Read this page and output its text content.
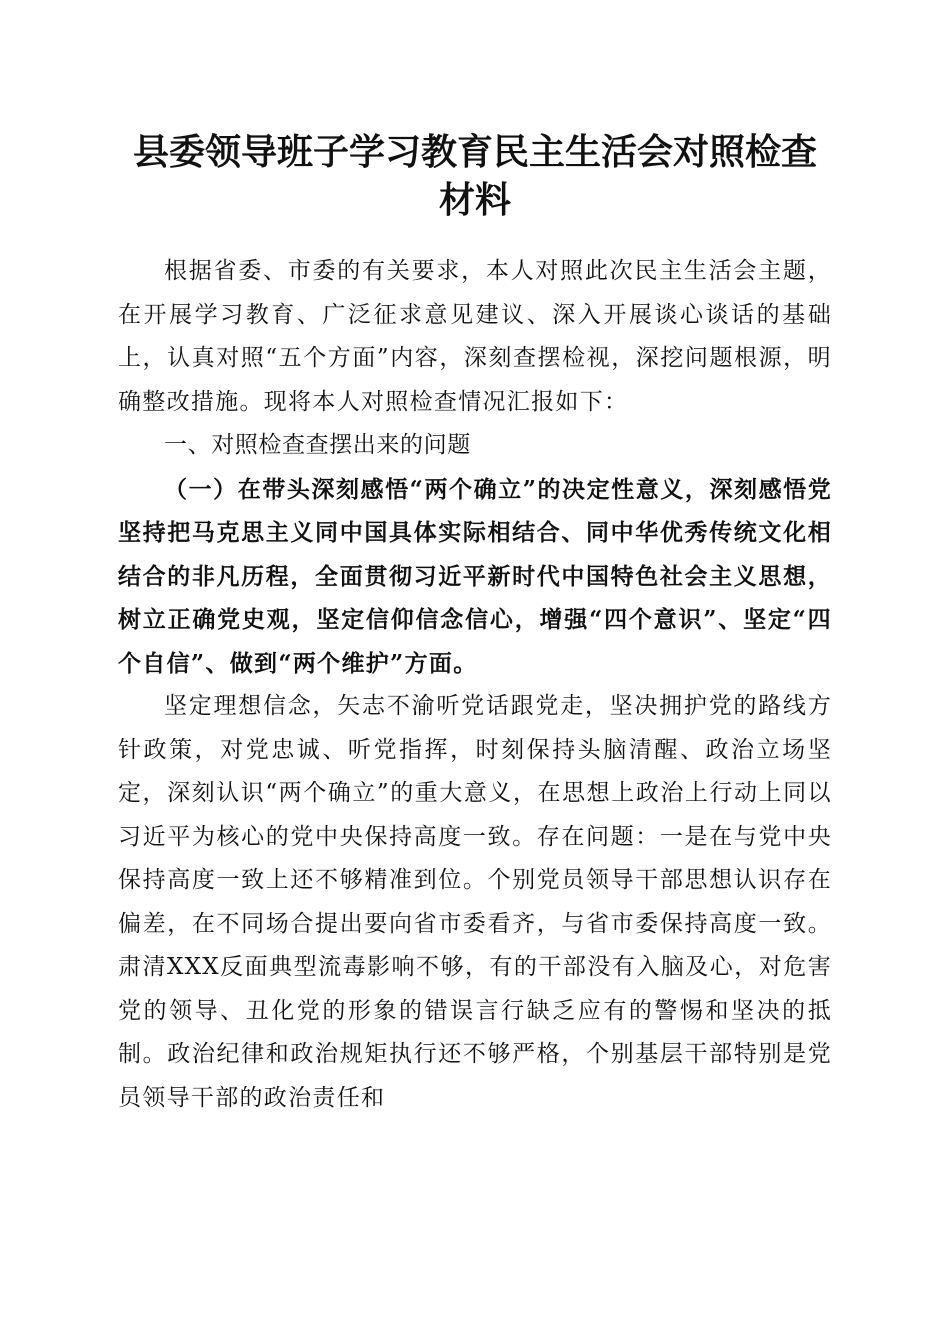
县委领导班子学习教育民主生活会对照检查材料

根据省委、市委的有关要求，本人对照此次民主生活会主题，在开展学习教育、广泛征求意见建议、深入开展谈心谈话的基础上，认真对照“五个方面”内容，深刻查摆检视，深挖问题根源，明确整改措施。现将本人对照检查情况汇报如下：

一、对照检查查摆出来的问题

（一）在带头深刻感悟“两个确立”的决定性意义，深刻感悟党坚持把马克思主义同中国具体实际相结合、同中华优秀传统文化相结合的非凡历程，全面贯彻习近平新时代中国特色社会主义思想，树立正确党史观，坚定信仰信念信心，增强“四个意识”、坚定“四个自信”、做到“两个维护”方面。

坚定理想信念，矢志不渝听党话跟党走，坚决拥护党的路线方针政策，对党忠诚、听党指挥，时刻保持头脑清醒、政治立场坚定，深刻认识“两个确立”的重大意义，在思想上政治上行动上同以习近平为核心的党中央保持高度一致。存在问题：一是在与党中央保持高度一致上还不够精准到位。个别党员领导干部思想认识存在偏差，在不同场合提出要向省市委看齐，与省市委保持高度一致。肃清XXX反面典型流毒影响不够，有的干部没有入脑及心，对危害党的领导、丑化党的形象的错误言行缺乏应有的警惕和坚决的抵制。政治纪律和政治规矩执行还不够严格，个别基层干部特别是党员领导干部的政治责任和
